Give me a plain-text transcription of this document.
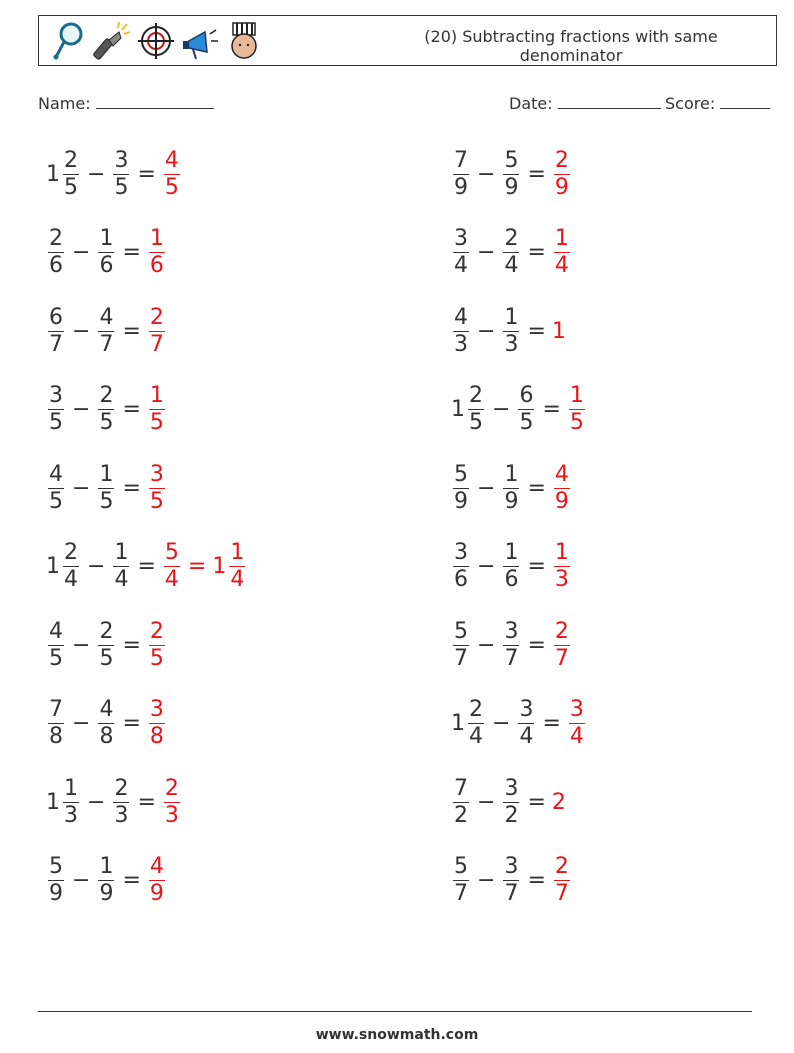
(20) Subtracting fractions with same denominator
Name:	Date:	Score:
$1 \frac{2}{5} - \frac{3}{5} = \frac{4}{5}$
$\frac{2}{6} - \frac{1}{6} = \frac{1}{6}$
$\frac{6}{7} - \frac{4}{7} = \frac{2}{7}$
$\frac{3}{5} - \frac{2}{5} = \frac{1}{5}$
$\frac{4}{5} - \frac{1}{5} = \frac{3}{5}$
$1 \frac{2}{4} - \frac{1}{4} = \frac{5}{4} = 1 \frac{1}{4}$
$\frac{4}{5} - \frac{2}{5} = \frac{2}{5}$
$\frac{7}{8} - \frac{4}{8} = \frac{3}{8}$
$1 \frac{1}{3} - \frac{2}{3} = \frac{2}{3}$
$\frac{5}{9} - \frac{1}{9} = \frac{4}{9}$
$\frac{7}{9} - \frac{5}{9} = \frac{2}{9}$
$\frac{3}{4} - \frac{2}{4} = \frac{1}{4}$
$\frac{4}{3} - \frac{1}{3} = 1$
$1 \frac{2}{5} - \frac{6}{5} = \frac{1}{5}$
$\frac{5}{9} - \frac{1}{9} = \frac{4}{9}$
$\frac{3}{6} - \frac{1}{6} = \frac{1}{3}$
$\frac{5}{7} - \frac{3}{7} = \frac{2}{7}$
$1 \frac{2}{4} - \frac{3}{4} = \frac{3}{4}$
$\frac{7}{2} - \frac{3}{2} = 2$
$\frac{5}{7} - \frac{3}{7} = \frac{2}{7}$
www.snowmath.com
